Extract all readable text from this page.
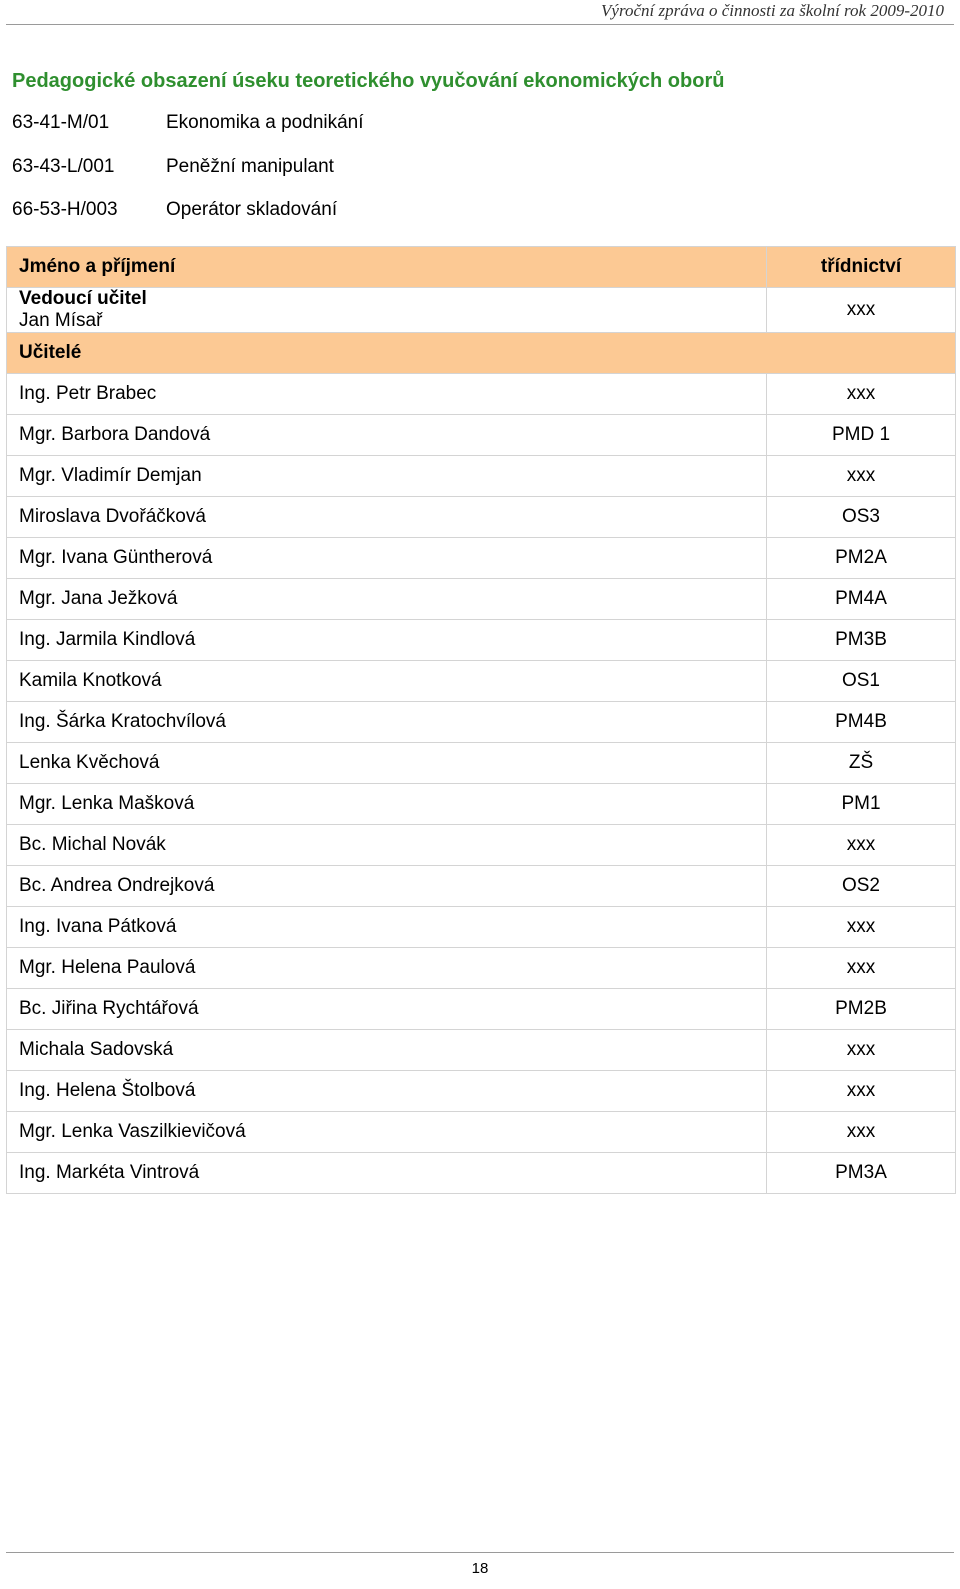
Výroční zpráva o činnosti za školní rok 2009-2010
Pedagogické obsazení úseku teoretického vyučování ekonomických oborů
63-41-M/01	Ekonomika a podnikání
63-43-L/001	Peněžní manipulant
66-53-H/003	Operátor skladování
Jméno a příjmení	třídnictví

Vedoucí učitel
Jan Mísař	xxx
Učitelé	
Ing. Petr Brabec	xxx
Mgr. Barbora Dandová	PMD 1
Mgr. Vladimír Demjan	xxx
Miroslava Dvořáčková	OS3
Mgr. Ivana Güntherová	PM2A
Mgr. Jana Ježková	PM4A
Ing. Jarmila Kindlová	PM3B
Kamila Knotková	OS1
Ing. Šárka Kratochvílová	PM4B
Lenka Kvěchová	ZŠ
Mgr. Lenka Mašková	PM1
Bc. Michal Novák	xxx
Bc. Andrea Ondrejková	OS2
Ing. Ivana Pátková	xxx
Mgr. Helena Paulová	xxx
Bc. Jiřina Rychtářová	PM2B
Michala Sadovská	xxx
Ing. Helena Štolbová	xxx
Mgr. Lenka Vaszilkievičová	xxx
Ing. Markéta Vintrová	PM3A
18
